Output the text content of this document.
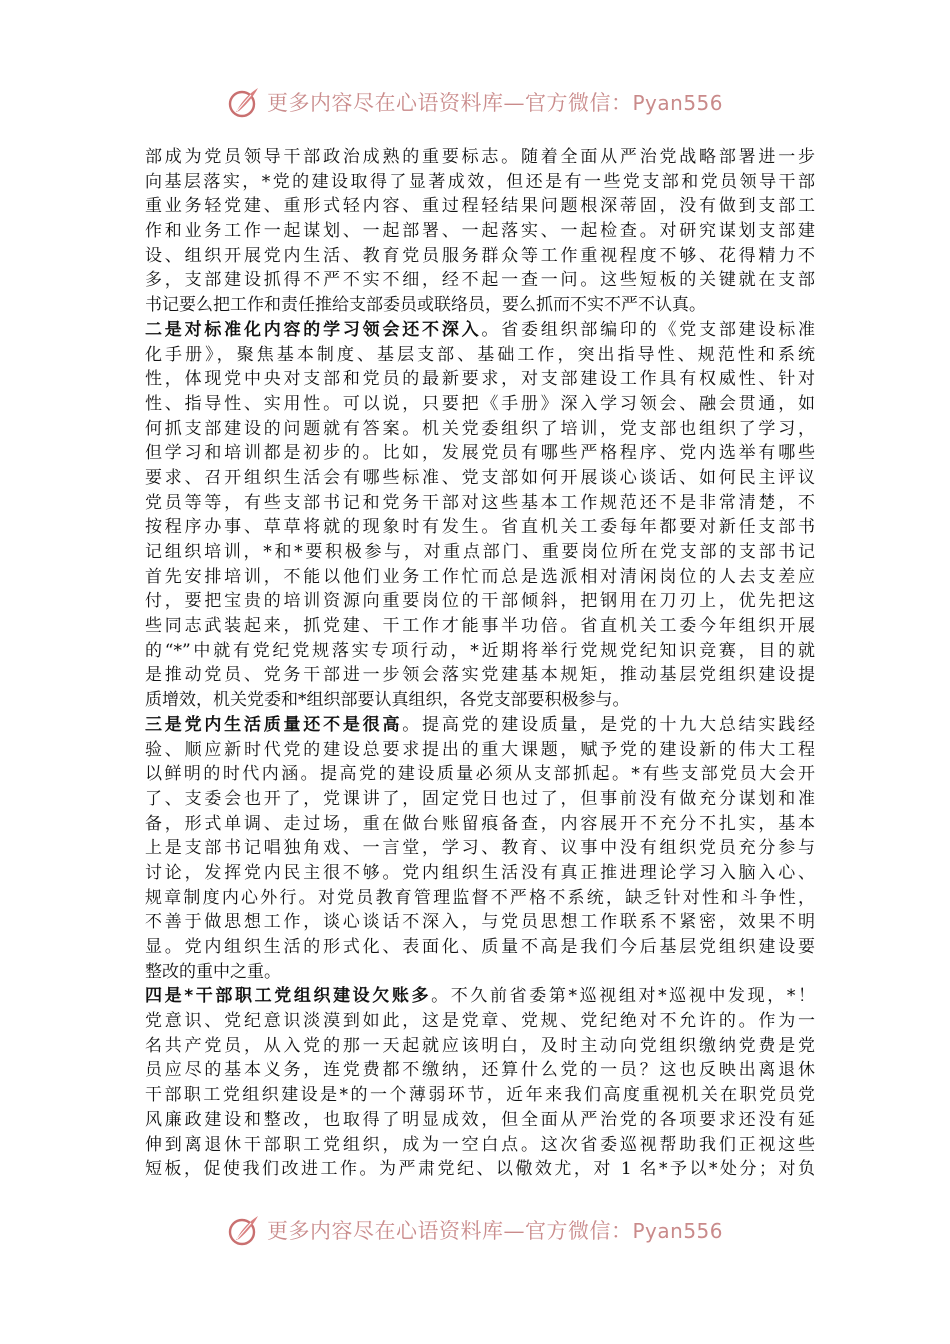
更多内容尽在心语资料库—官方微信：Pyan556
部成为党员领导干部政治成熟的重要标志。随着全面从严治党战略部署进一步
向基层落实，*党的建设取得了显著成效，但还是有一些党支部和党员领导干部
重业务轻党建、重形式轻内容、重过程轻结果问题根深蒂固，没有做到支部工
作和业务工作一起谋划、一起部署、一起落实、一起检查。对研究谋划支部建
设、组织开展党内生活、教育党员服务群众等工作重视程度不够、花得精力不
多，支部建设抓得不严不实不细，经不起一查一问。这些短板的关键就在支部
书记要么把工作和责任推给支部委员或联络员，要么抓而不实不严不认真。
二是对标准化内容的学习领会还不深入。省委组织部编印的《党支部建设标准
化手册》，聚焦基本制度、基层支部、基础工作，突出指导性、规范性和系统
性，体现党中央对支部和党员的最新要求，对支部建设工作具有权威性、针对
性、指导性、实用性。可以说，只要把《手册》深入学习领会、融会贯通，如
何抓支部建设的问题就有答案。机关党委组织了培训，党支部也组织了学习，
但学习和培训都是初步的。比如，发展党员有哪些严格程序、党内选举有哪些
要求、召开组织生活会有哪些标准、党支部如何开展谈心谈话、如何民主评议
党员等等，有些支部书记和党务干部对这些基本工作规范还不是非常清楚，不
按程序办事、草草将就的现象时有发生。省直机关工委每年都要对新任支部书
记组织培训，*和*要积极参与，对重点部门、重要岗位所在党支部的支部书记
首先安排培训，不能以他们业务工作忙而总是选派相对清闲岗位的人去支差应
付，要把宝贵的培训资源向重要岗位的干部倾斜，把钢用在刀刃上，优先把这
些同志武装起来，抓党建、干工作才能事半功倍。省直机关工委今年组织开展
的“*”中就有党纪党规落实专项行动，*近期将举行党规党纪知识竞赛，目的就
是推动党员、党务干部进一步领会落实党建基本规矩，推动基层党组织建设提
质增效，机关党委和*组织部要认真组织，各党支部要积极参与。
三是党内生活质量还不是很高。提高党的建设质量，是党的十九大总结实践经
验、顺应新时代党的建设总要求提出的重大课题，赋予党的建设新的伟大工程
以鲜明的时代内涵。提高党的建设质量必须从支部抓起。*有些支部党员大会开
了、支委会也开了，党课讲了，固定党日也过了，但事前没有做充分谋划和准
备，形式单调、走过场，重在做台账留痕备查，内容展开不充分不扎实，基本
上是支部书记唱独角戏、一言堂，学习、教育、议事中没有组织党员充分参与
讨论，发挥党内民主很不够。党内组织生活没有真正推进理论学习入脑入心、
规章制度内心外行。对党员教育管理监督不严格不系统，缺乏针对性和斗争性，
不善于做思想工作，谈心谈话不深入，与党员思想工作联系不紧密，效果不明
显。党内组织生活的形式化、表面化、质量不高是我们今后基层党组织建设要
整改的重中之重。
四是*干部职工党组织建设欠账多。不久前省委第*巡视组对*巡视中发现，*！
党意识、党纪意识淡漠到如此，这是党章、党规、党纪绝对不允许的。作为一
名共产党员，从入党的那一天起就应该明白，及时主动向党组织缴纳党费是党
员应尽的基本义务，连党费都不缴纳，还算什么党的一员？这也反映出离退休
干部职工党组织建设是*的一个薄弱环节，近年来我们高度重视机关在职党员党
风廉政建设和整改，也取得了明显成效，但全面从严治党的各项要求还没有延
伸到离退休干部职工党组织，成为一空白点。这次省委巡视帮助我们正视这些
短板，促使我们改进工作。为严肃党纪、以儆效尤，对 1 名*予以*处分；对负
更多内容尽在心语资料库—官方微信：Pyan556
